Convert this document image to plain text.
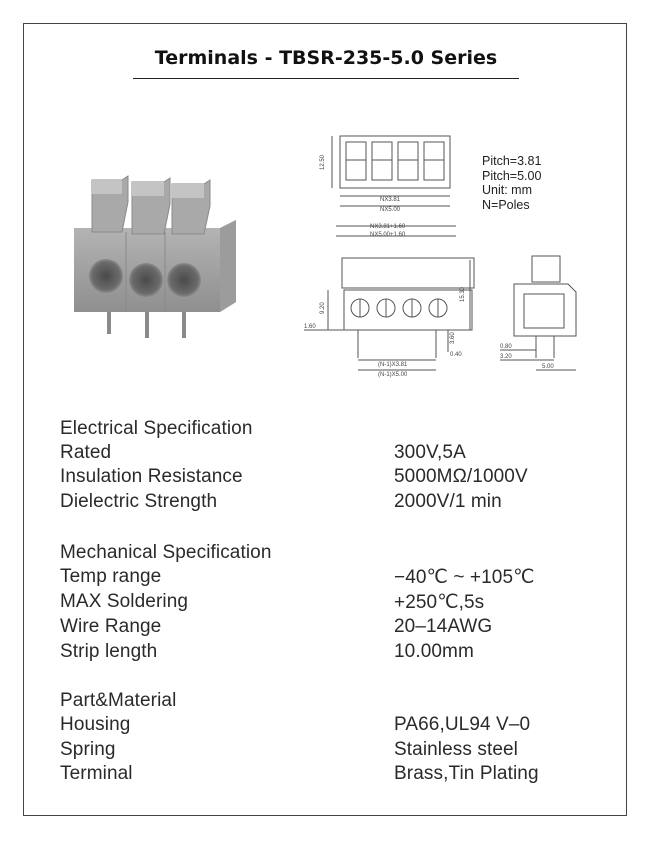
Terminals - TBSR-235-5.0 Series
12.50
NX3.81
NX5.00
NX3.81+1.60
NX5.00+1.60
Pitch=3.81
Pitch=5.00
Unit: mm
N=Poles
9.20
15.30
3.60
1.60
0.40
(N-1)X3.81
(N-1)X5.00
0.80
3.20
5.00
Electrical Specification
Rated	300V,5A
Insulation Resistance	5000MΩ/1000V
Dielectric Strength	2000V/1 min
Mechanical Specification
Temp range	−40℃ ~ +105℃
MAX Soldering	+250℃,5s
Wire Range	20–14AWG
Strip length	10.00mm
Part&Material
Housing	PA66,UL94 V–0
Spring	Stainless steel
Terminal	Brass,Tin Plating
